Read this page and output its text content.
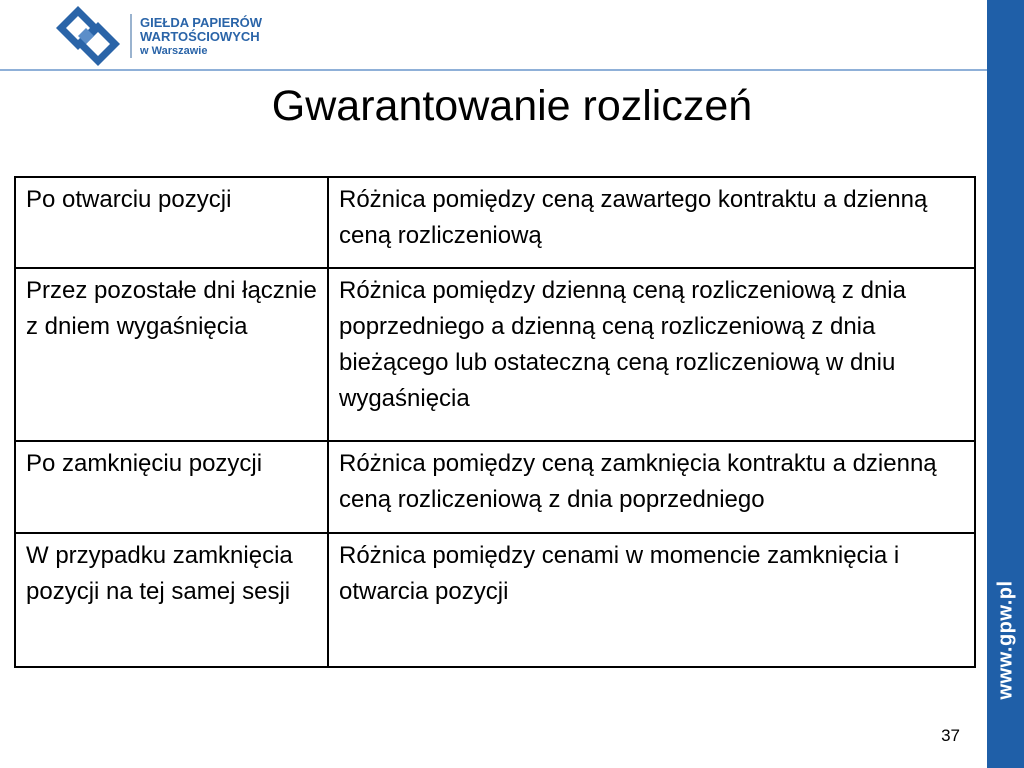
GIEŁDA PAPIERÓW
WARTOŚCIOWYCH
w Warszawie
Gwarantowanie rozliczeń
Po otwarciu pozycji	Różnica pomiędzy ceną zawartego kontraktu a dzienną ceną rozliczeniową
Przez pozostałe dni łącznie z dniem wygaśnięcia	Różnica pomiędzy dzienną ceną rozliczeniową z dnia poprzedniego a dzienną ceną rozliczeniową z dnia bieżącego lub ostateczną ceną rozliczeniową w dniu wygaśnięcia
Po zamknięciu pozycji	Różnica pomiędzy ceną zamknięcia kontraktu a dzienną ceną rozliczeniową z dnia poprzedniego
W przypadku zamknięcia pozycji na tej samej sesji	Różnica pomiędzy cenami w momencie zamknięcia i otwarcia pozycji
37
www.gpw.pl
